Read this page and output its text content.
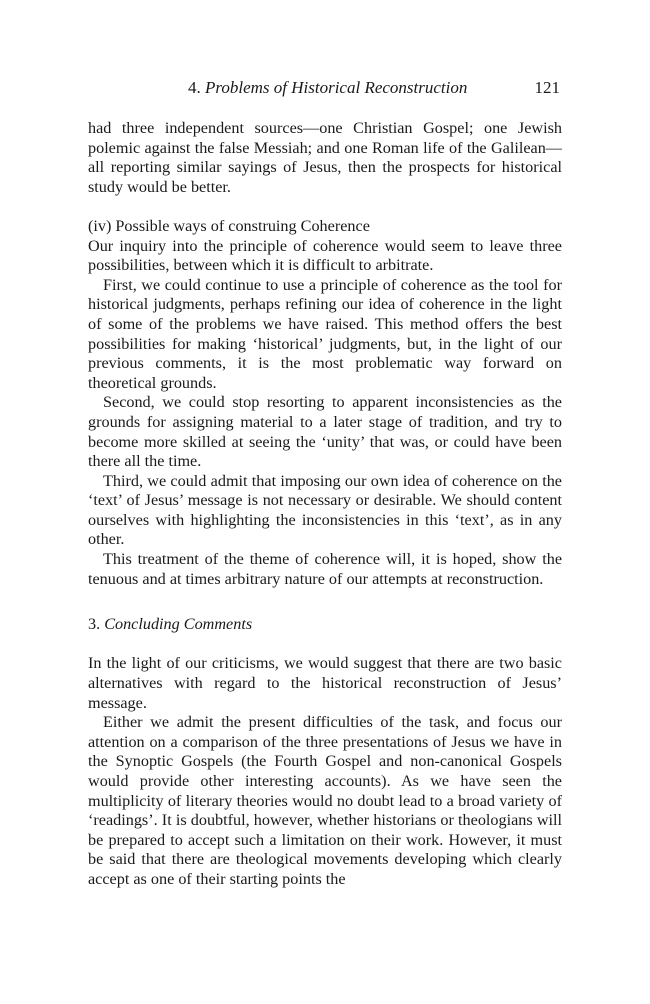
4. Problems of Historical Reconstruction	121

had three independent sources—one Christian Gospel; one Jewish polemic against the false Messiah; and one Roman life of the Galilean—all reporting similar sayings of Jesus, then the prospects for historical study would be better.

(iv) Possible ways of construing Coherence

Our inquiry into the principle of coherence would seem to leave three possibilities, between which it is difficult to arbitrate.

First, we could continue to use a principle of coherence as the tool for historical judgments, perhaps refining our idea of coherence in the light of some of the problems we have raised. This method offers the best possibilities for making ‘historical’ judgments, but, in the light of our previous comments, it is the most problematic way forward on theoretical grounds.

Second, we could stop resorting to apparent inconsistencies as the grounds for assigning material to a later stage of tradition, and try to become more skilled at seeing the ‘unity’ that was, or could have been there all the time.

Third, we could admit that imposing our own idea of coherence on the ‘text’ of Jesus’ message is not necessary or desirable. We should content ourselves with highlighting the inconsistencies in this ‘text’, as in any other.

This treatment of the theme of coherence will, it is hoped, show the tenuous and at times arbitrary nature of our attempts at reconstruction.

3. Concluding Comments

In the light of our criticisms, we would suggest that there are two basic alternatives with regard to the historical reconstruction of Jesus’ message.

Either we admit the present difficulties of the task, and focus our attention on a comparison of the three presentations of Jesus we have in the Synoptic Gospels (the Fourth Gospel and non-canonical Gospels would provide other interesting accounts). As we have seen the multiplicity of literary theories would no doubt lead to a broad variety of ‘readings’. It is doubtful, however, whether historians or theologians will be prepared to accept such a limitation on their work. However, it must be said that there are theological movements developing which clearly accept as one of their starting points the
